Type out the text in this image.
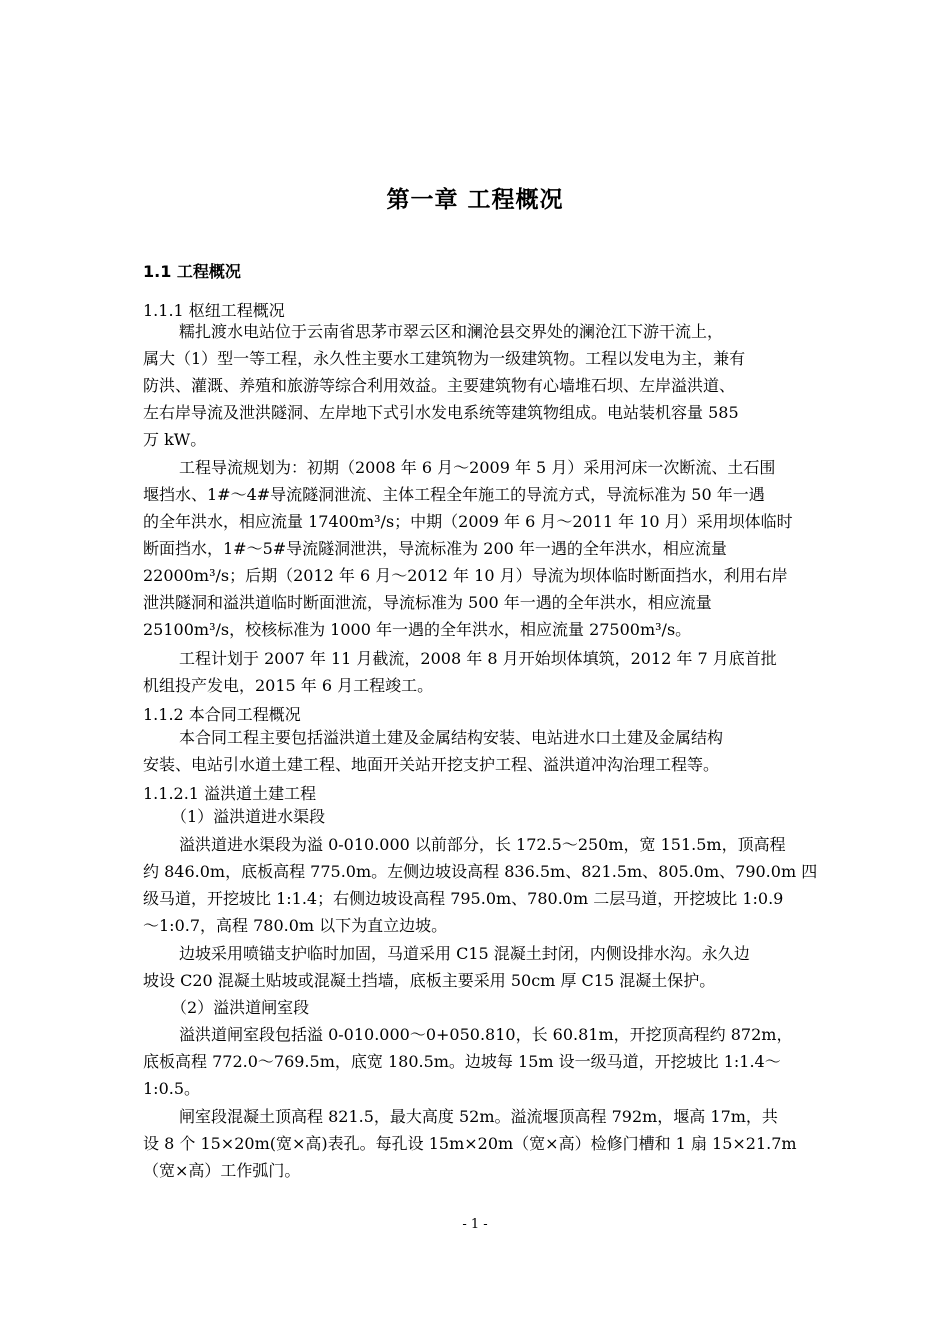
第一章 工程概况
1.1 工程概况
1.1.1 枢纽工程概况
糯扎渡水电站位于云南省思茅市翠云区和澜沧县交界处的澜沧江下游干流上，
属大（1）型一等工程，永久性主要水工建筑物为一级建筑物。工程以发电为主，兼有
防洪、灌溉、养殖和旅游等综合利用效益。主要建筑物有心墙堆石坝、左岸溢洪道、
左右岸导流及泄洪隧洞、左岸地下式引水发电系统等建筑物组成。电站装机容量 585
万 kW。
工程导流规划为：初期（2008 年 6 月～2009 年 5 月）采用河床一次断流、土石围
堰挡水、1#～4#导流隧洞泄流、主体工程全年施工的导流方式，导流标准为 50 年一遇
的全年洪水，相应流量 17400m³/s；中期（2009 年 6 月～2011 年 10 月）采用坝体临时
断面挡水，1#～5#导流隧洞泄洪，导流标准为 200 年一遇的全年洪水，相应流量
22000m³/s；后期（2012 年 6 月～2012 年 10 月）导流为坝体临时断面挡水，利用右岸
泄洪隧洞和溢洪道临时断面泄流，导流标准为 500 年一遇的全年洪水，相应流量
25100m³/s，校核标准为 1000 年一遇的全年洪水，相应流量 27500m³/s。
工程计划于 2007 年 11 月截流，2008 年 8 月开始坝体填筑，2012 年 7 月底首批
机组投产发电，2015 年 6 月工程竣工。
1.1.2 本合同工程概况
本合同工程主要包括溢洪道土建及金属结构安装、电站进水口土建及金属结构
安装、电站引水道土建工程、地面开关站开挖支护工程、溢洪道冲沟治理工程等。
1.1.2.1 溢洪道土建工程
（1）溢洪道进水渠段
溢洪道进水渠段为溢 0-010.000 以前部分，长 172.5～250m，宽 151.5m，顶高程
约 846.0m，底板高程 775.0m。左侧边坡设高程 836.5m、821.5m、805.0m、790.0m 四
级马道，开挖坡比 1:1.4；右侧边坡设高程 795.0m、780.0m 二层马道，开挖坡比 1:0.9
～1:0.7，高程 780.0m 以下为直立边坡。
边坡采用喷锚支护临时加固，马道采用 C15 混凝土封闭，内侧设排水沟。永久边
坡设 C20 混凝土贴坡或混凝土挡墙，底板主要采用 50cm 厚 C15 混凝土保护。
（2）溢洪道闸室段
溢洪道闸室段包括溢 0-010.000～0+050.810，长 60.81m，开挖顶高程约 872m，
底板高程 772.0～769.5m，底宽 180.5m。边坡每 15m 设一级马道，开挖坡比 1:1.4～
1:0.5。
闸室段混凝土顶高程 821.5，最大高度 52m。溢流堰顶高程 792m，堰高 17m，共
设 8 个 15×20m(宽×高)表孔。每孔设 15m×20m（宽×高）检修门槽和 1 扇 15×21.7m
（宽×高）工作弧门。
- 1 -
